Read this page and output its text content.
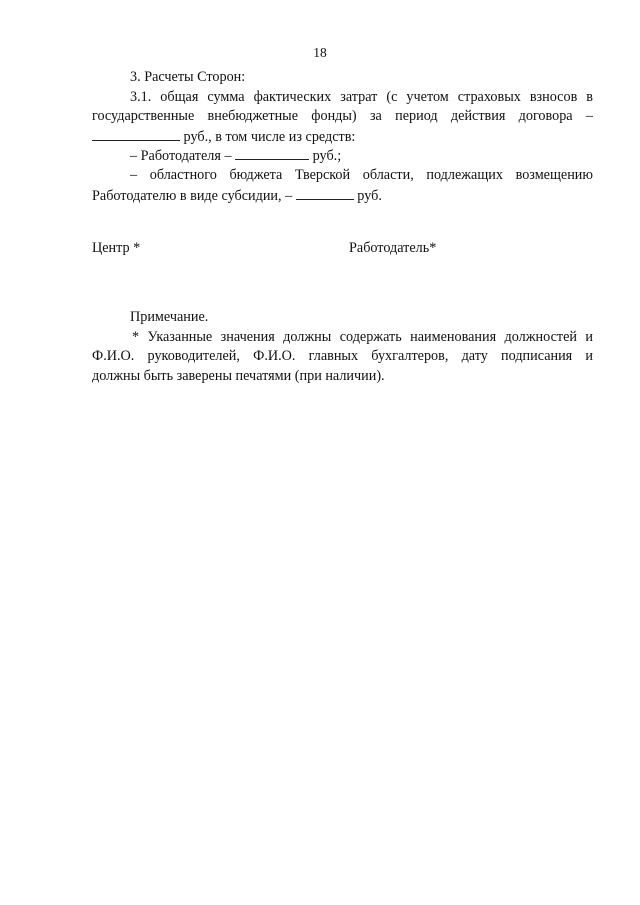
18
3. Расчеты Сторон:
3.1. общая сумма фактических затрат (с учетом страховых взносов в
государственные внебюджетные фонды) за период действия договора –
руб., в том числе из средств:
– Работодателя –	руб.;
– областного бюджета Тверской области, подлежащих возмещению
Работодателю в виде субсидии, –	руб.
Центр *	Работодатель*
Примечание.
* Указанные значения должны содержать наименования должностей и
Ф.И.О. руководителей, Ф.И.О. главных бухгалтеров, дату подписания и
должны быть заверены печатями (при наличии).
